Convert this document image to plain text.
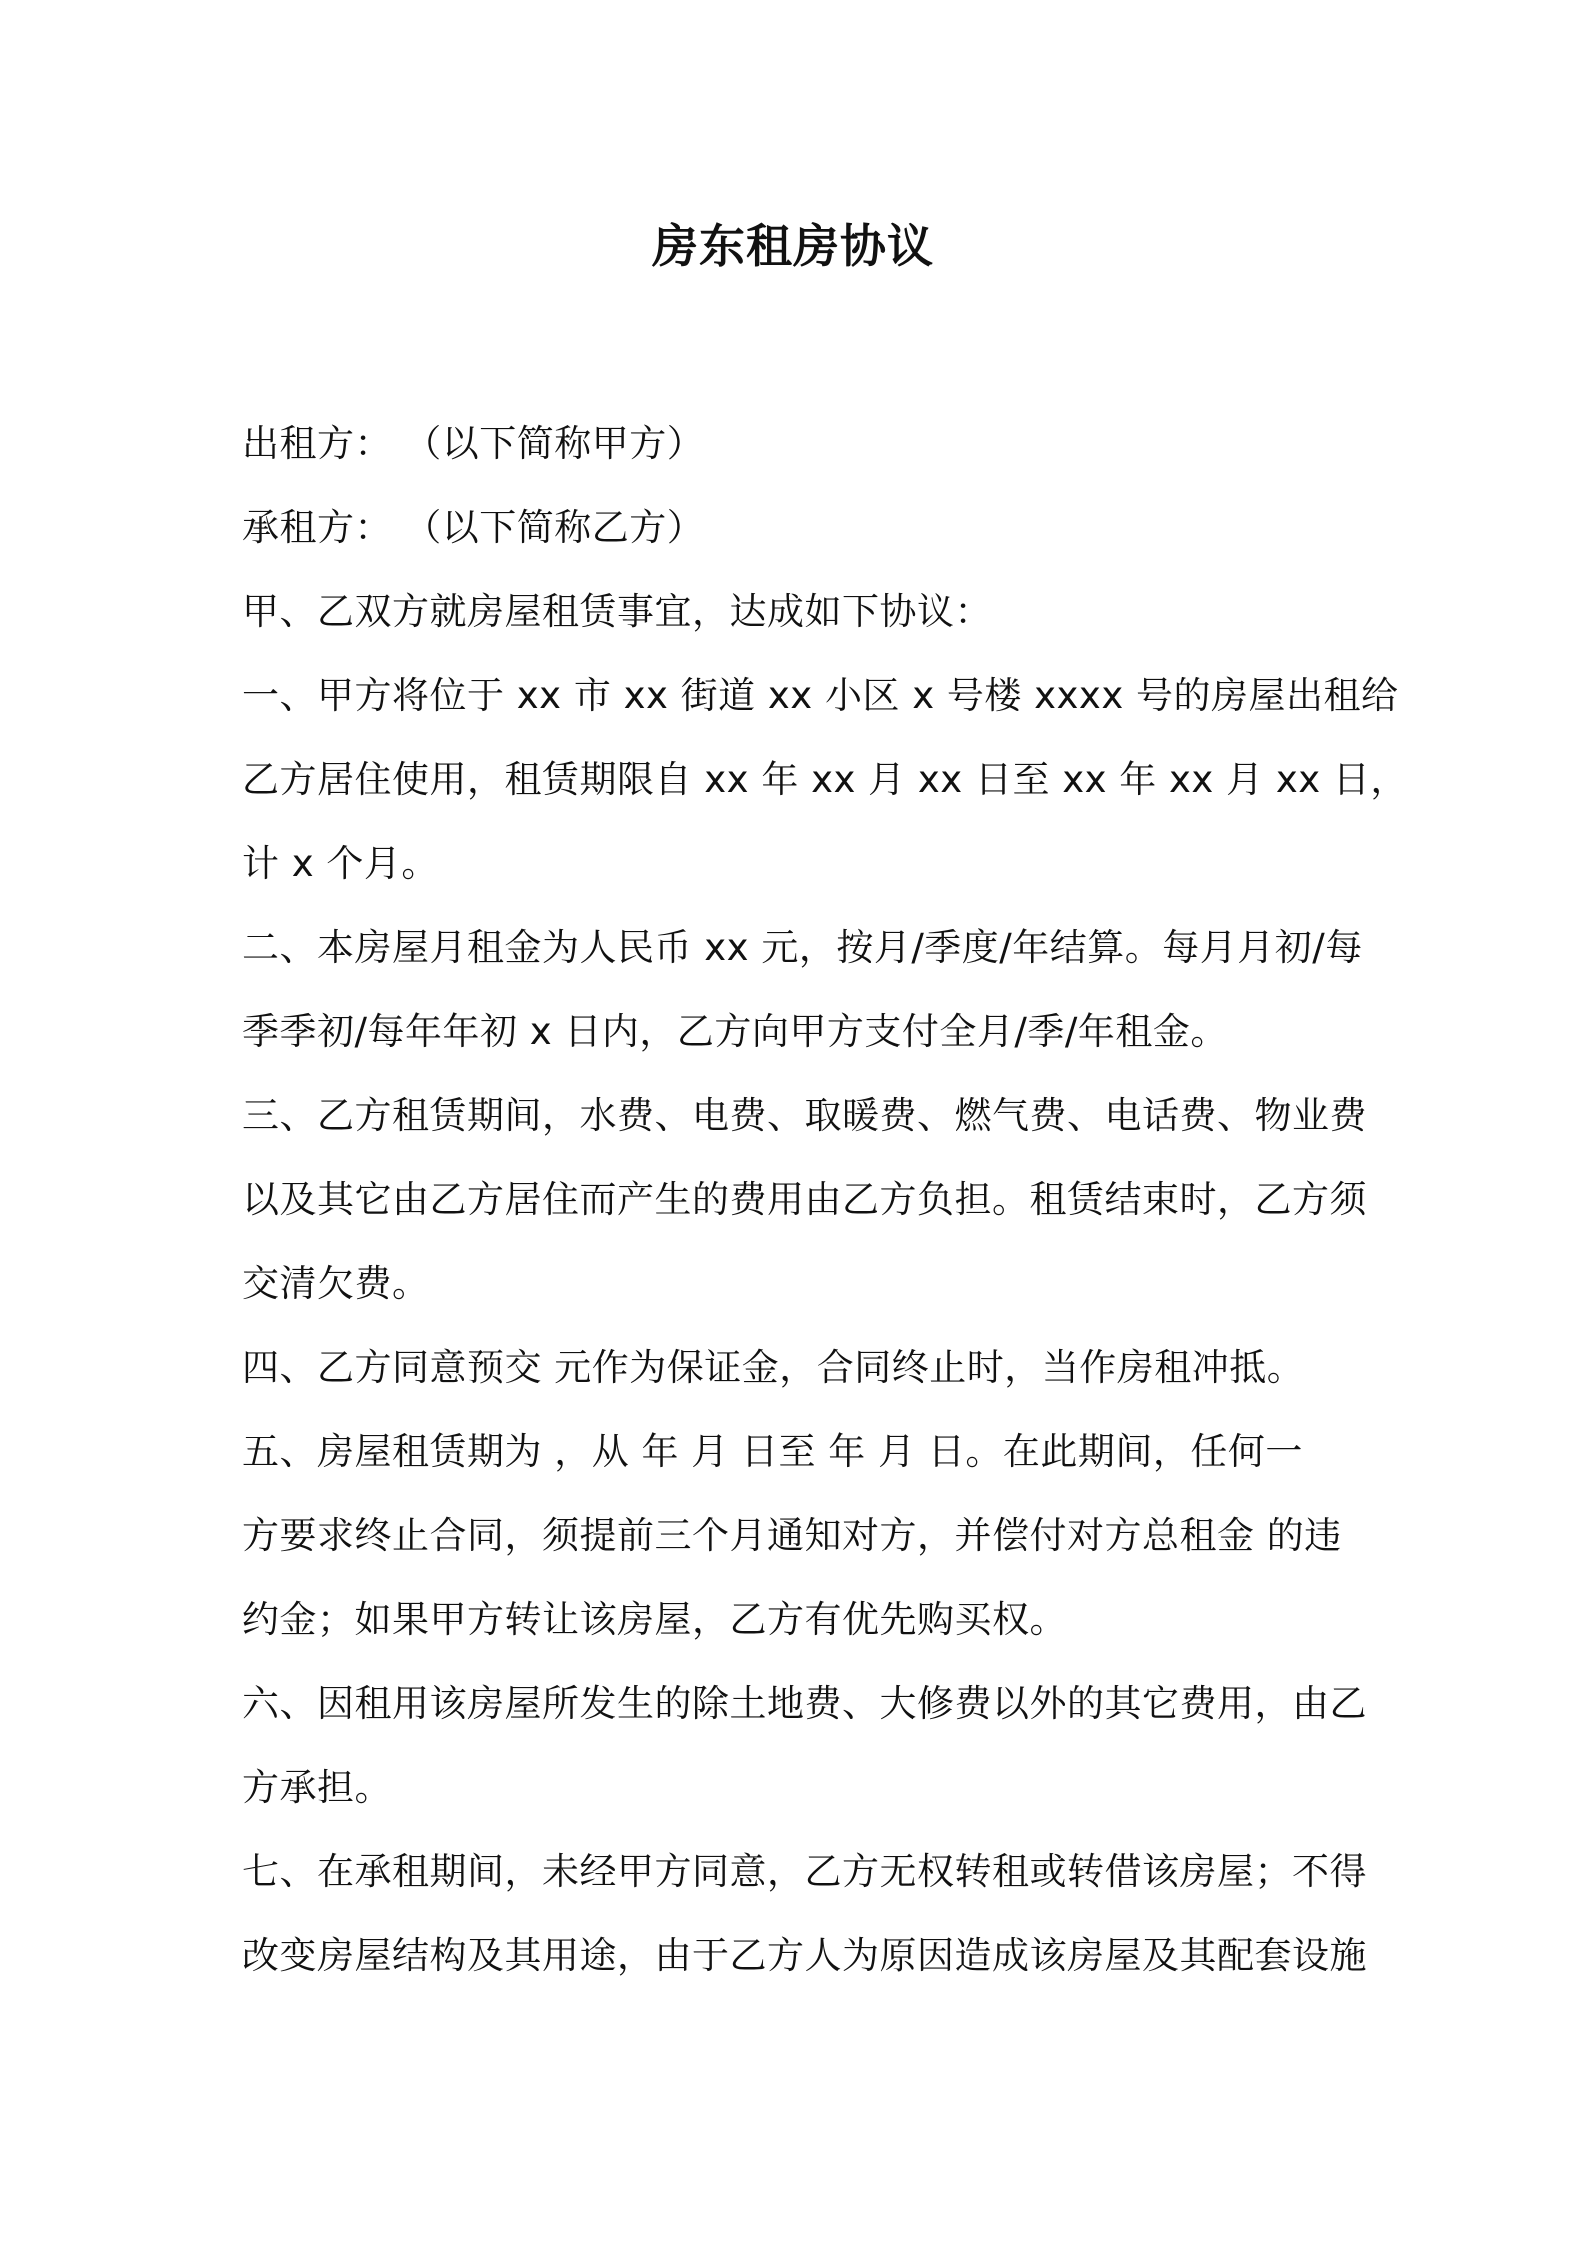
房东租房协议
出租方： （以下简称甲方）
承租方： （以下简称乙方）
甲、乙双方就房屋租赁事宜，达成如下协议：
一、甲方将位于 xx 市 xx 街道 xx 小区 x 号楼 xxxx 号的房屋出租给
乙方居住使用，租赁期限自 xx 年 xx 月 xx 日至 xx 年 xx 月 xx 日，
计 x 个月。
二、本房屋月租金为人民币 xx 元，按月/季度/年结算。每月月初/每
季季初/每年年初 x 日内，乙方向甲方支付全月/季/年租金。
三、乙方租赁期间，水费、电费、取暖费、燃气费、电话费、物业费
以及其它由乙方居住而产生的费用由乙方负担。租赁结束时，乙方须
交清欠费。
四、乙方同意预交 元作为保证金，合同终止时，当作房租冲抵。
五、房屋租赁期为 ，从 年 月 日至 年 月 日。在此期间，任何一
方要求终止合同，须提前三个月通知对方，并偿付对方总租金 的违
约金；如果甲方转让该房屋，乙方有优先购买权。
六、因租用该房屋所发生的除土地费、大修费以外的其它费用，由乙
方承担。
七、在承租期间，未经甲方同意，乙方无权转租或转借该房屋；不得
改变房屋结构及其用途，由于乙方人为原因造成该房屋及其配套设施
